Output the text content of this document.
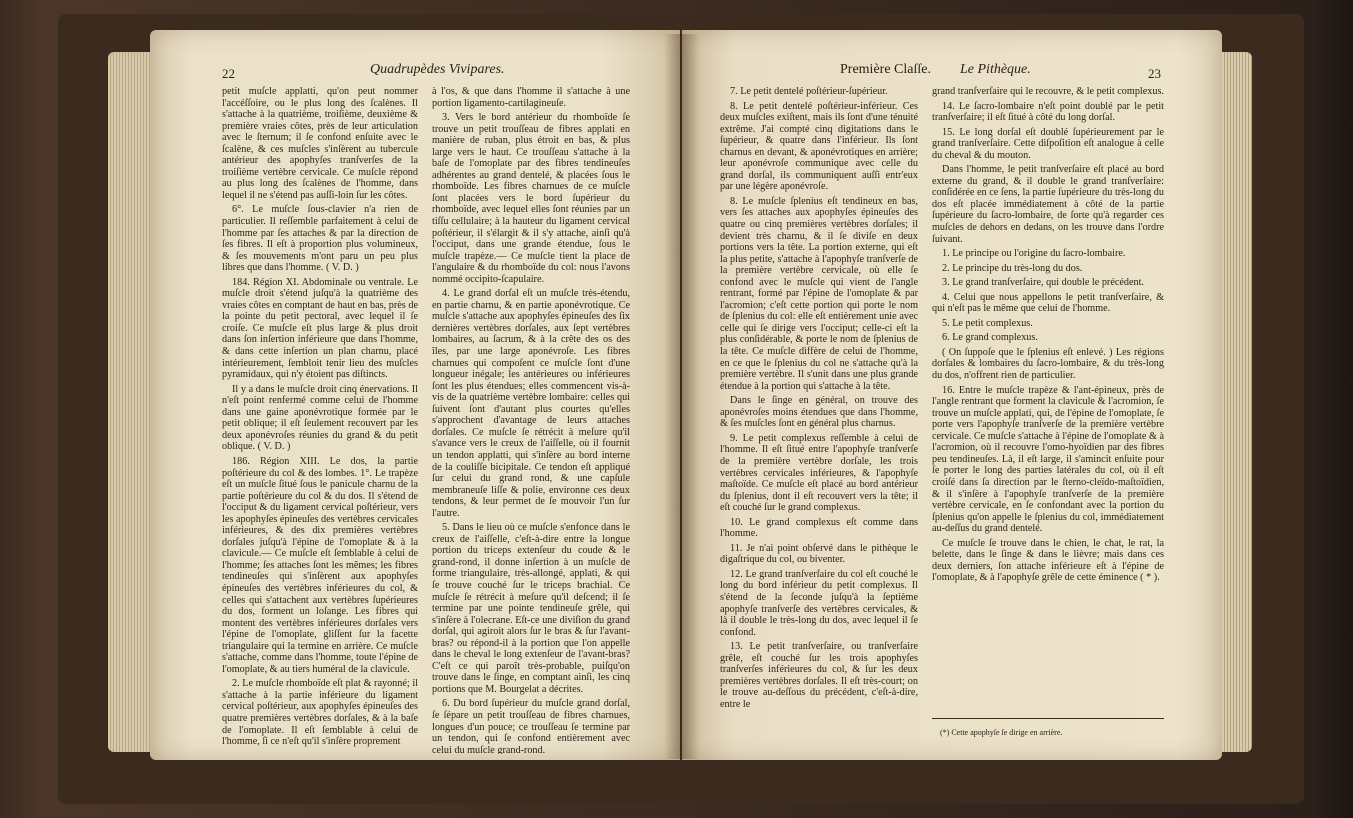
22	Quadrupèdes Vivipares.	Première Claſſe. Le Pithèque.	23

petit muſcle applatti, qu'on peut nommer l'accéſſoire, ou le plus long des ſcalènes. Il s'attache à la quatrième, troiſième, deuxième & première vraies côtes, près de leur articulation avec le ſternum; il ſe confond enſuite avec le ſcalène, & ces muſcles s'inſèrent au tubercule antérieur des apophyſes tranſverſes de la troiſième vertèbre cervicale. Ce muſcle répond au plus long des ſcalènes de l'homme, dans lequel il ne s'étend pas auſſi-loin ſur les côtes.

6°. Le muſcle ſous-clavier n'a rien de particulier. Il reſſemble parfaitement à celui de l'homme par ſes attaches & par la direction de ſes fibres. Il eſt à proportion plus volumineux, & ſes mouvements m'ont paru un peu plus libres que dans l'homme. ( V. D. )

184. Région XI. Abdominale ou ventrale. Le muſcle droit s'étend juſqu'à la quatrième des vraies côtes en comptant de haut en bas, près de la pointe du petit pectoral, avec lequel il ſe croiſe. Ce muſcle eſt plus large & plus droit dans ſon inſertion inférieure que dans l'homme, & dans cette inſertion un plan charnu, placé intérieurement, ſembloit tenir lieu des muſcles pyramidaux, qui n'y étoient pas diſtincts.

Il y a dans le muſcle droit cinq énervations. Il n'eſt point renfermé comme celui de l'homme dans une gaine aponévrotique formée par le petit oblique; il eſt ſeulement recouvert par les deux aponévroſes réunies du grand & du petit oblique. ( V. D. )

186. Région XIII. Le dos, la partie poſtérieure du col & des lombes. 1°. Le trapèze eſt un muſcle ſitué ſous le panicule charnu de la partie poſtérieure du col & du dos. Il s'étend de l'occiput & du ligament cervical poſtérieur, vers les apophyſes épineuſes des vertèbres cervicales inférieures, & des dix premières vertèbres dorſales juſqu'à l'épine de l'omoplate & à la clavicule.— Ce muſcle eſt ſemblable à celui de l'homme; ſes attaches ſont les mêmes; les fibres tendineuſes qui s'inſèrent aux apophyſes épineuſes des vertèbres inférieures du col, & celles qui s'attachent aux vertèbres ſupérieures du dos, forment un loſange. Les fibres qui montent des vertèbres inférieures dorſales vers l'épine de l'omoplate, gliſſent ſur la facette triangulaire qui la termine en arrière. Ce muſcle s'attache, comme dans l'homme, toute l'épine de l'omoplate, & au tiers huméral de la clavicule.

2. Le muſcle rhomboïde eſt plat & rayonné; il s'attache à la partie inférieure du ligament cervical poſtérieur, aux apophyſes épineuſes des quatre premières vertèbres dorſales, & à la baſe de l'omoplate. Il eſt ſemblable à celui de l'homme, ſi ce n'eſt qu'il s'inſère proprement

à l'os, & que dans l'homme il s'attache à une portion ligamento-cartilagineuſe.

3. Vers le bord antérieur du rhomboïde ſe trouve un petit trouſſeau de fibres applati en manière de ruban, plus étroit en bas, & plus large vers le haut. Ce trouſſeau s'attache à la baſe de l'omoplate par des fibres tendineuſes adhérentes au grand dentelé, & placées ſous le rhomboïde. Les fibres charnues de ce muſcle ſont placées vers le bord ſupérieur du rhomboïde, avec lequel elles ſont réunies par un tiſſu cellulaire; à la hauteur du ligament cervical poſtérieur, il s'élargit & il s'y attache, ainſi qu'à l'occiput, dans une grande étendue, ſous le muſcle trapèze.— Ce muſcle tient la place de l'angulaire & du rhomboïde du col: nous l'avons nommé occipito-ſcapulaire.

4. Le grand dorſal eſt un muſcle très-étendu, en partie charnu, & en partie aponévrotique. Ce muſcle s'attache aux apophyſes épineuſes des ſix dernières vertèbres dorſales, aux ſept vertèbres lombaires, au ſacrum, & à la crête des os des îles, par une large aponévroſe. Les fibres charnues qui compoſent ce muſcle ſont d'une longueur inégale; les antérieures ou inférieures ſont les plus étendues; elles commencent vis-à-vis de la quatrième vertèbre lombaire: celles qui ſuivent ſont d'autant plus courtes qu'elles s'approchent d'avantage de leurs attaches dorſales. Ce muſcle ſe rétrécit à meſure qu'il s'avance vers le creux de l'aiſſelle, où il fournit un tendon applatti, qui s'inſère au bord interne de la couliſſe bicipitale. Ce tendon eſt appliqué ſur celui du grand rond, & une capſule membraneuſe liſſe & polie, environne ces deux tendons, & leur permet de ſe mouvoir l'un ſur l'autre.

5. Dans le lieu où ce muſcle s'enfonce dans le creux de l'aiſſelle, c'eſt-à-dire entre la longue portion du triceps extenſeur du coude & le grand-rond, il donne inſertion à un muſcle de forme triangulaire, très-allongé, applati, & qui ſe trouve couché ſur le triceps brachial. Ce muſcle ſe rétrécit à meſure qu'il deſcend; il ſe termine par une pointe tendineuſe grêle, qui s'inſère à l'olecrane. Eſt-ce une diviſion du grand dorſal, qui agiroit alors ſur le bras & ſur l'avant-bras? ou répond-il à la portion que l'on appelle dans le cheval le long extenſeur de l'avant-bras? C'eſt ce qui paroît très-probable, puiſqu'on trouve dans le ſinge, en comptant ainſi, les cinq portions que M. Bourgelat a décrites.

6. Du bord ſupérieur du muſcle grand dorſal, ſe ſépare un petit trouſſeau de fibres charnues, longues d'un pouce; ce trouſſeau ſe termine par un tendon, qui ſe confond entièrement avec celui du muſcle grand-rond.

7. Le petit dentelé poſtérieur-ſupérieur.

8. Le petit dentelé poſtérieur-inférieur. Ces deux muſcles exiſtent, mais ils ſont d'une ténuité extrême. J'ai compté cinq digitations dans le ſupérieur, & quatre dans l'inférieur. Ils ſont charnus en devant, & aponévrotiques en arrière; leur aponévroſe communique avec celle du grand dorſal, ils communiquent auſſi entr'eux par une légère aponévroſe.

8. Le muſcle ſplenius eſt tendineux en bas, vers ſes attaches aux apophyſes épineuſes des quatre ou cinq premières vertèbres dorſales; il devient très charnu, & il ſe diviſe en deux portions vers la tête. La portion externe, qui eſt la plus petite, s'attache à l'apophyſe tranſverſe de la première vertèbre cervicale, où elle ſe confond avec le muſcle qui vient de l'angle rentrant, formé par l'épine de l'omoplate & par l'acromion; c'eſt cette portion qui porte le nom de ſplenius du col: elle eſt entièrement unie avec celle qui ſe dirige vers l'occiput; celle-ci eſt la plus conſidérable, & porte le nom de ſplenius de la tête. Ce muſcle diffère de celui de l'homme, en ce que le ſplenius du col ne s'attache qu'à la première vertèbre. Il s'unit dans une plus grande étendue à la portion qui s'attache à la tête.

Dans le ſinge en général, on trouve des aponévroſes moins étendues que dans l'homme, & ſes muſcles ſont en général plus charnus.

9. Le petit complexus reſſemble à celui de l'homme. Il eſt ſitué entre l'apophyſe tranſverſe de la première vertèbre dorſale, les trois vertèbres cervicales inférieures, & l'apophyſe maſtoïde. Ce muſcle eſt placé au bord antérieur du ſplenius, dont il eſt recouvert vers la tête; il eſt couché ſur le grand complexus.

10. Le grand complexus eſt comme dans l'homme.

11. Je n'ai point obſervé dans le pithèque le digaſtrique du col, ou biventer.

12. Le grand tranſverſaire du col eſt couché le long du bord inférieur du petit complexus. Il s'étend de la ſeconde juſqu'à la ſeptième apophyſe tranſverſe des vertèbres cervicales, & là il double le très-long du dos, avec lequel il ſe confond.

13. Le petit tranſverſaire, ou tranſverſaire grêle, eſt couché ſur les trois apophyſes tranſverſes inférieures du col, & ſur les deux premières vertèbres dorſales. Il eſt très-court; on le trouve au-deſſous du précédent, c'eſt-à-dire, entre le

grand tranſverſaire qui le recouvre, & le petit complexus.

14. Le ſacro-lombaire n'eſt point doublé par le petit tranſverſaire; il eſt ſitué à côté du long dorſal.

15. Le long dorſal eſt doublé ſupérieurement par le grand tranſverſaire. Cette diſpoſition eſt analogue à celle du cheval & du mouton.

Dans l'homme, le petit tranſverſaire eſt placé au bord externe du grand, & il double le grand tranſverſaire: conſidérée en ce ſens, la partie ſupérieure du très-long du dos eſt placée immédiatement à côté de la partie ſupérieure du ſacro-lombaire, de ſorte qu'à regarder ces muſcles de dehors en dedans, on les trouve dans l'ordre ſuivant.

1. Le principe ou l'origine du ſacro-lombaire.

2. Le principe du très-long du dos.

3. Le grand tranſverſaire, qui double le précédent.

4. Celui que nous appellons le petit tranſverſaire, & qui n'eſt pas le même que celui de l'homme.

5. Le petit complexus.

6. Le grand complexus.

( On ſuppoſe que le ſplenius eſt enlevé. ) Les régions dorſales & lombaires du ſacro-lombaire, & du très-long du dos, n'offrent rien de particulier.

16. Entre le muſcle trapèze & l'ant-épineux, près de l'angle rentrant que forment la clavicule & l'acromion, ſe trouve un muſcle applati, qui, de l'épine de l'omoplate, ſe porte vers l'apophyſe tranſverſe de la première vertèbre cervicale. Ce muſcle s'attache à l'épine de l'omoplate & à l'acromion, où il recouvre l'omo-hyoïdien par des fibres peu tendineuſes. Là, il eſt large, il s'amincit enſuite pour ſe porter le long des parties latérales du col, où il eſt croiſé dans ſa direction par le ſterno-cleïdo-maſtoïdien, & il s'inſère à l'apophyſe tranſverſe de la première vertèbre cervicale, en ſe confondant avec la portion du ſplenius qu'on appelle le ſplenius du col, immédiatement au-deſſus du grand dentelé.

Ce muſcle ſe trouve dans le chien, le chat, le rat, la belette, dans le ſinge & dans le lièvre; mais dans ces deux derniers, ſon attache inférieure eſt à l'épine de l'omoplate, & à l'apophyſe grêle de cette éminence ( * ).

(*) Cette apophyſe ſe dirige en arrière.
